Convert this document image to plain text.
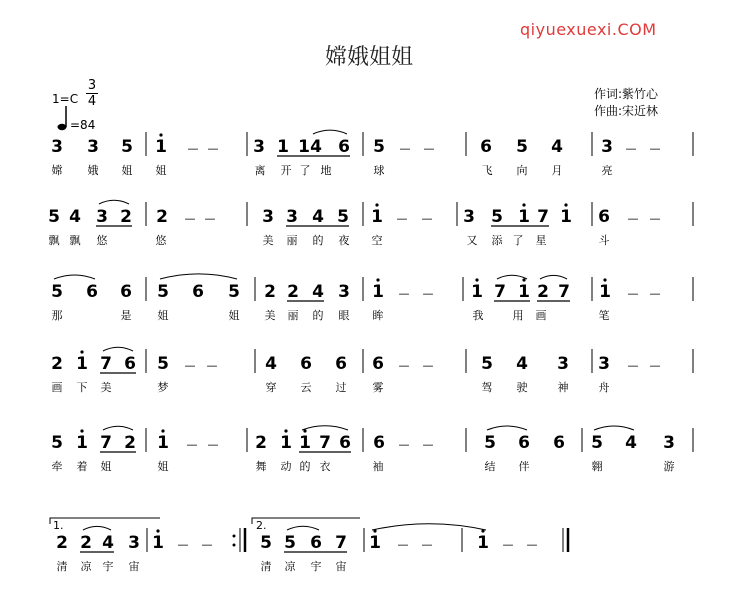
qiyuexuexi.COM
嫦娥姐姐
$1=C \frac{3}{4}$
=84
作词:紫竹心
作曲:宋近林
3 3 5 1 — — 3 1 1 4 6 5 — —	6 5 4 3 — —
嫦 娥 姐 姐	离 开 了 地	球	飞 向 月	亮
5 4 3 2 2 — —	3 3 4 5 1 — — 3 5 1 7 1 6 — —
飘 飘 悠	悠	美 丽 的 夜 空	又 添 了 星	斗
5 6 6 5 6 5 2 2 4 3 1 — — 1 7 1 2 7 1 — —
那	是 姐	姐 美 丽 的 眼 眸	我	用 画	笔
2 1 7 6 5 — —	4 6 6 6 — —	5 4 3 3 — —
画 下 美	梦	穿 云 过 雾	驾 驶	神	舟
5 1 7 2 1 — — 2 1 1 7 6 6 — —	5 6 6 5 4 3
牵 着 姐	姐	舞 动 的 衣	袖	结 伴	翱	游
2 2 4 3 1 — —	5 5 6 7 1 — —	1 — —
清 凉 宇 宙	清 凉 宇 宙
1.	2.
